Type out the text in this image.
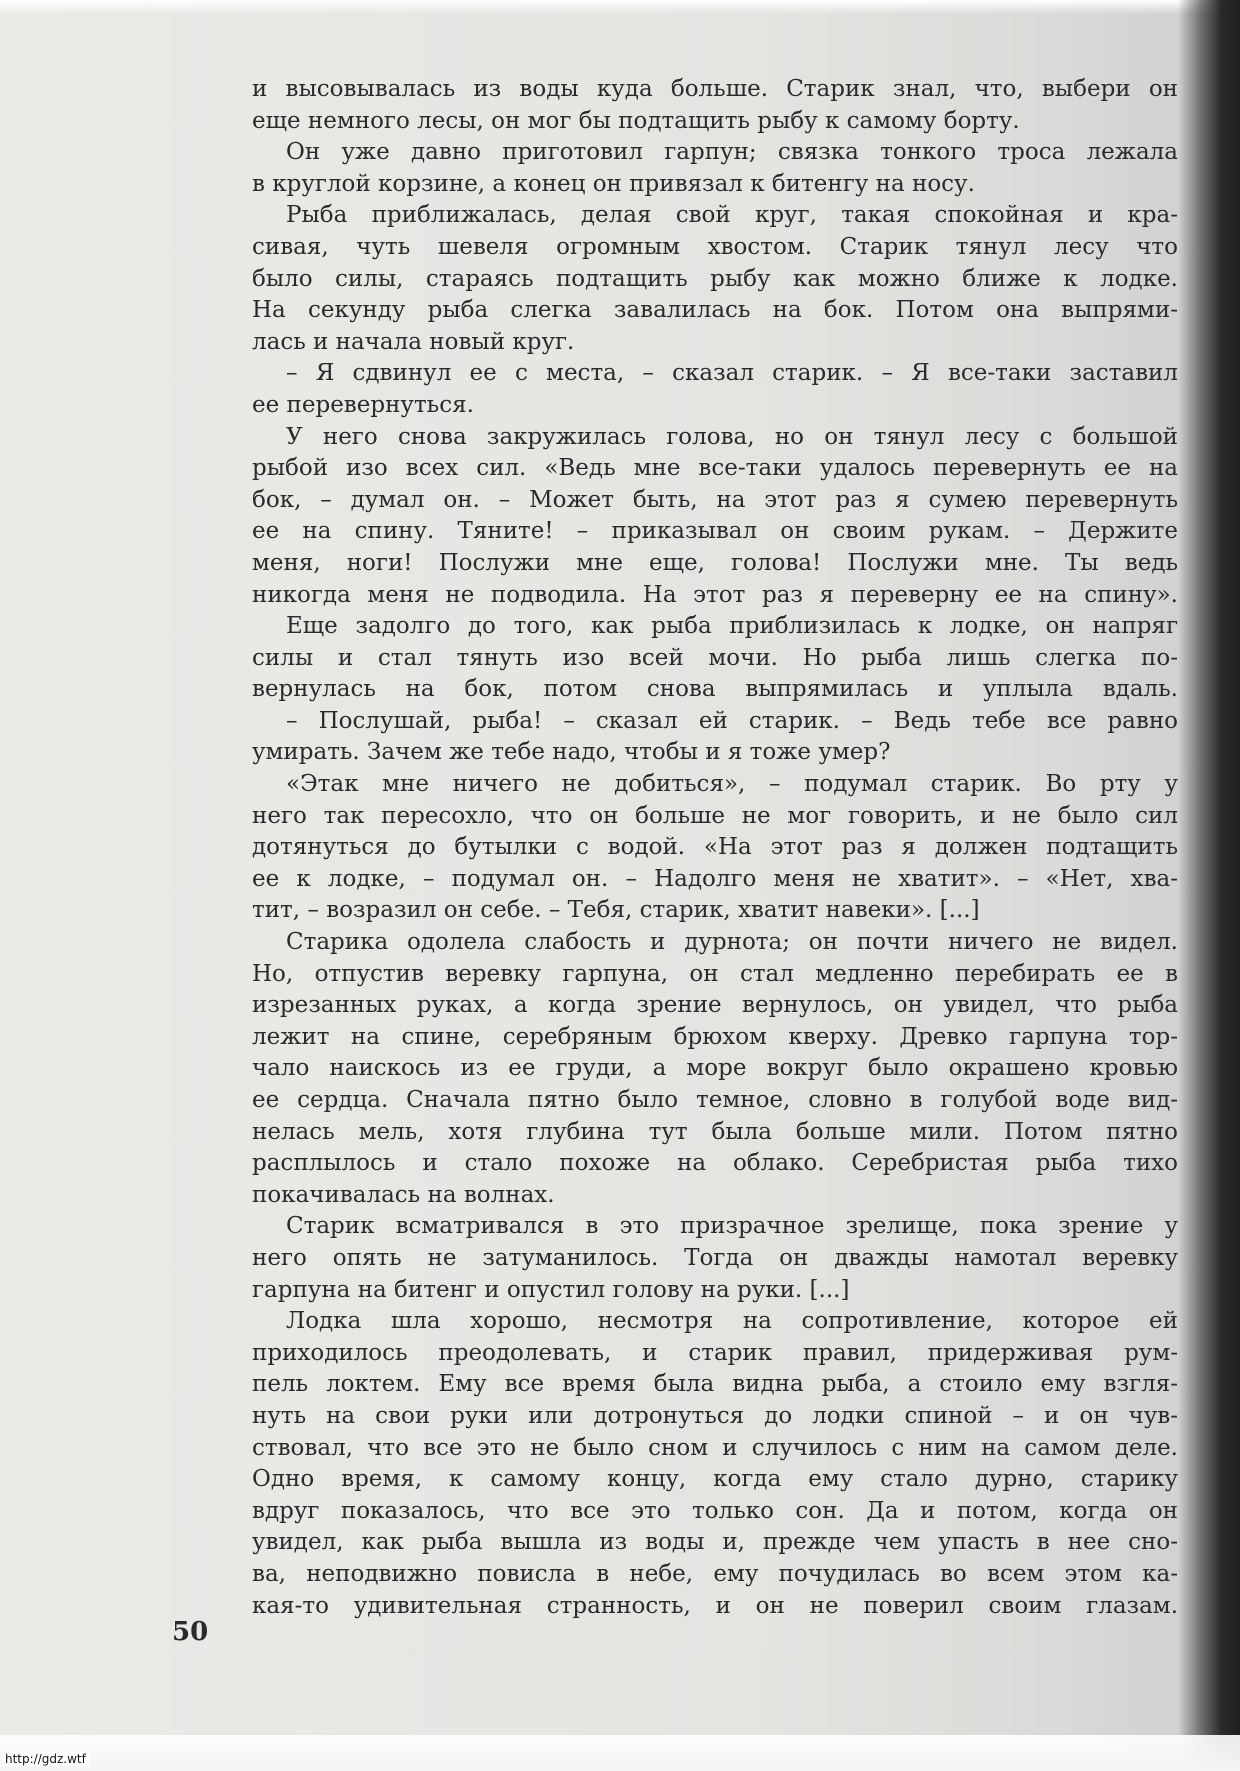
и высовывалась из воды куда больше. Старик знал, что, выбери он
еще немного лесы, он мог бы подтащить рыбу к самому борту.
Он уже давно приготовил гарпун; связка тонкого троса лежала
в круглой корзине, а конец он привязал к битенгу на носу.
Рыба приближалась, делая свой круг, такая спокойная и кра-
сивая, чуть шевеля огромным хвостом. Старик тянул лесу что
было силы, стараясь подтащить рыбу как можно ближе к лодке.
На секунду рыба слегка завалилась на бок. Потом она выпрями-
лась и начала новый круг.
– Я сдвинул ее с места, – сказал старик. – Я все-таки заставил
ее перевернуться.
У него снова закружилась голова, но он тянул лесу с большой
рыбой изо всех сил. «Ведь мне все-таки удалось перевернуть ее на
бок, – думал он. – Может быть, на этот раз я сумею перевернуть
ее на спину. Тяните! – приказывал он своим рукам. – Держите
меня, ноги! Послужи мне еще, голова! Послужи мне. Ты ведь
никогда меня не подводила. На этот раз я переверну ее на спину».
Еще задолго до того, как рыба приблизилась к лодке, он напряг
силы и стал тянуть изо всей мочи. Но рыба лишь слегка по-
вернулась на бок, потом снова выпрямилась и уплыла вдаль.
– Послушай, рыба! – сказал ей старик. – Ведь тебе все равно
умирать. Зачем же тебе надо, чтобы и я тоже умер?
«Этак мне ничего не добиться», – подумал старик. Во рту у
него так пересохло, что он больше не мог говорить, и не было сил
дотянуться до бутылки с водой. «На этот раз я должен подтащить
ее к лодке, – подумал он. – Надолго меня не хватит». – «Нет, хва-
тит, – возразил он себе. – Тебя, старик, хватит навеки». [...]
Старика одолела слабость и дурнота; он почти ничего не видел.
Но, отпустив веревку гарпуна, он стал медленно перебирать ее в
изрезанных руках, а когда зрение вернулось, он увидел, что рыба
лежит на спине, серебряным брюхом кверху. Древко гарпуна тор-
чало наискось из ее груди, а море вокруг было окрашено кровью
ее сердца. Сначала пятно было темное, словно в голубой воде вид-
нелась мель, хотя глубина тут была больше мили. Потом пятно
расплылось и стало похоже на облако. Серебристая рыба тихо
покачивалась на волнах.
Старик всматривался в это призрачное зрелище, пока зрение у
него опять не затуманилось. Тогда он дважды намотал веревку
гарпуна на битенг и опустил голову на руки. [...]
Лодка шла хорошо, несмотря на сопротивление, которое ей
приходилось преодолевать, и старик правил, придерживая рум-
пель локтем. Ему все время была видна рыба, а стоило ему взгля-
нуть на свои руки или дотронуться до лодки спиной – и он чув-
ствовал, что все это не было сном и случилось с ним на самом деле.
Одно время, к самому концу, когда ему стало дурно, старику
вдруг показалось, что все это только сон. Да и потом, когда он
увидел, как рыба вышла из воды и, прежде чем упасть в нее сно-
ва, неподвижно повисла в небе, ему почудилась во всем этом ка-
кая-то удивительная странность, и он не поверил своим глазам.
50
http://gdz.wtf
